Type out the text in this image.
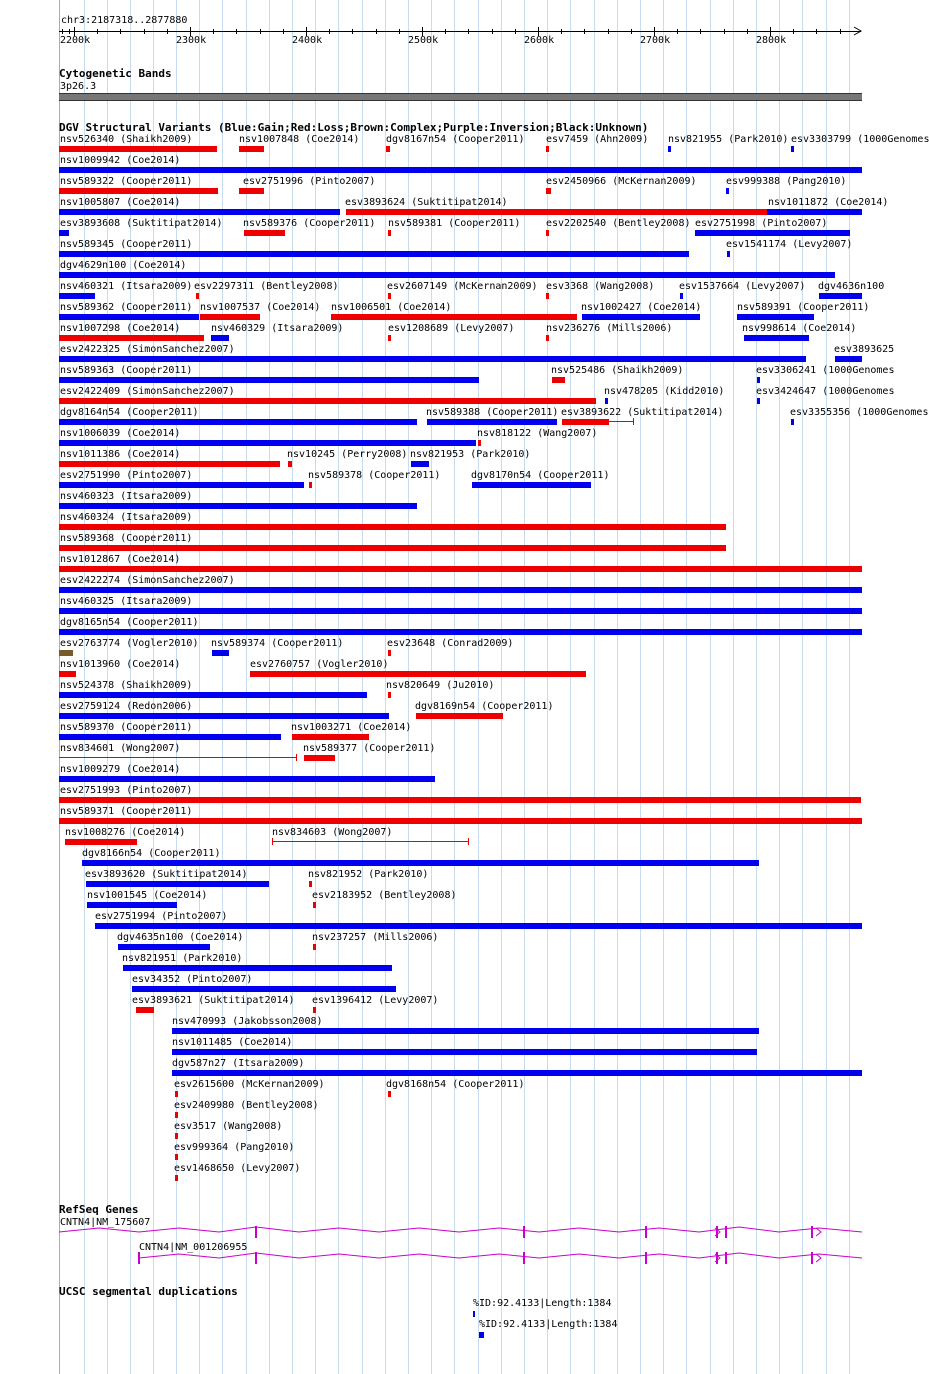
chr3:2187318..2877880
2200k	2300k	2400k	2500k	2600k	2700k	2800k
Cytogenetic Bands
3p26.3
DGV Structural Variants (Blue:Gain;Red:Loss;Brown:Complex;Purple:Inversion;Black:Unknown)
nsv526340 (Shaikh2009)	nsv1007848 (Coe2014)	dgv8167n54 (Cooper2011) esv7459 (Ahn2009) nsv821955 (Park2010) esv3303799 (1000Genomes
nsv1009942 (Coe2014)
nsv589322 (Cooper2011)	esv2751996 (Pinto2007)	esv2450966 (McKernan2009)	esv999388 (Pang2010)
nsv1005807 (Coe2014)	esv3893624 (Suktitipat2014)	nsv1011872 (Coe2014)
esv3893608 (Suktitipat2014) nsv589376 (Cooper2011) nsv589381 (Cooper2011)	esv2202540 (Bentley2008) esv2751998 (Pinto2007)
nsv589345 (Cooper2011)	esv1541174 (Levy2007)
dgv4629n100 (Coe2014)
nsv460321 (Itsara2009) esv2297311 (Bentley2008)	esv2607149 (McKernan2009) esv3368 (Wang2008) esv1537664 (Levy2007) dgv4636n100
nsv589362 (Cooper2011) nsv1007537 (Coe2014) nsv1006501 (Coe2014)	nsv1002427 (Coe2014)	nsv589391 (Cooper2011)
nsv1007298 (Coe2014)	nsv460329 (Itsara2009)	esv1208689 (Levy2007)	nsv236276 (Mills2006)	nsv998614 (Coe2014)
esv2422325 (SimonSanchez2007)	esv3893625
nsv589363 (Cooper2011)	nsv525486 (Shaikh2009)	esv3306241 (1000Genomes
esv2422409 (SimonSanchez2007)	nsv478205 (Kidd2010)	esv3424647 (1000Genomes
dgv8164n54 (Cooper2011)	nsv589388 (Cooper2011) esv3893622 (Suktitipat2014)	esv3355356 (1000Genomes
nsv1006039 (Coe2014)	nsv818122 (Wang2007)
nsv1011386 (Coe2014)	nsv10245 (Perry2008) nsv821953 (Park2010)
esv2751990 (Pinto2007)	nsv589378 (Cooper2011)	dgv8170n54 (Cooper2011)
nsv460323 (Itsara2009)
nsv460324 (Itsara2009)
nsv589368 (Cooper2011)
nsv1012867 (Coe2014)
esv2422274 (SimonSanchez2007)
nsv460325 (Itsara2009)
dgv8165n54 (Cooper2011)
esv2763774 (Vogler2010) nsv589374 (Cooper2011)	esv23648 (Conrad2009)
nsv1013960 (Coe2014)	esv2760757 (Vogler2010)
nsv524378 (Shaikh2009)	nsv820649 (Ju2010)
esv2759124 (Redon2006)	dgv8169n54 (Cooper2011)
nsv589370 (Cooper2011)	nsv1003271 (Coe2014)
nsv834601 (Wong2007)	nsv589377 (Cooper2011)
nsv1009279 (Coe2014)
esv2751993 (Pinto2007)
nsv589371 (Cooper2011)
nsv1008276 (Coe2014)	nsv834603 (Wong2007)
dgv8166n54 (Cooper2011)
esv3893620 (Suktitipat2014)	nsv821952 (Park2010)
nsv1001545 (Coe2014)	esv2183952 (Bentley2008)
esv2751994 (Pinto2007)
dgv4635n100 (Coe2014)	nsv237257 (Mills2006)
nsv821951 (Park2010)
esv34352 (Pinto2007)
esv3893621 (Suktitipat2014) esv1396412 (Levy2007)
nsv470993 (Jakobsson2008)
nsv1011485 (Coe2014)
dgv587n27 (Itsara2009)
esv2615600 (McKernan2009)	dgv8168n54 (Cooper2011)
esv2409980 (Bentley2008)
esv3517 (Wang2008)
esv999364 (Pang2010)
esv1468650 (Levy2007)
RefSeq Genes
CNTN4|NM_175607
CNTN4|NM_001206955
UCSC segmental duplications
%ID:92.4133|Length:1384
%ID:92.4133|Length:1384
